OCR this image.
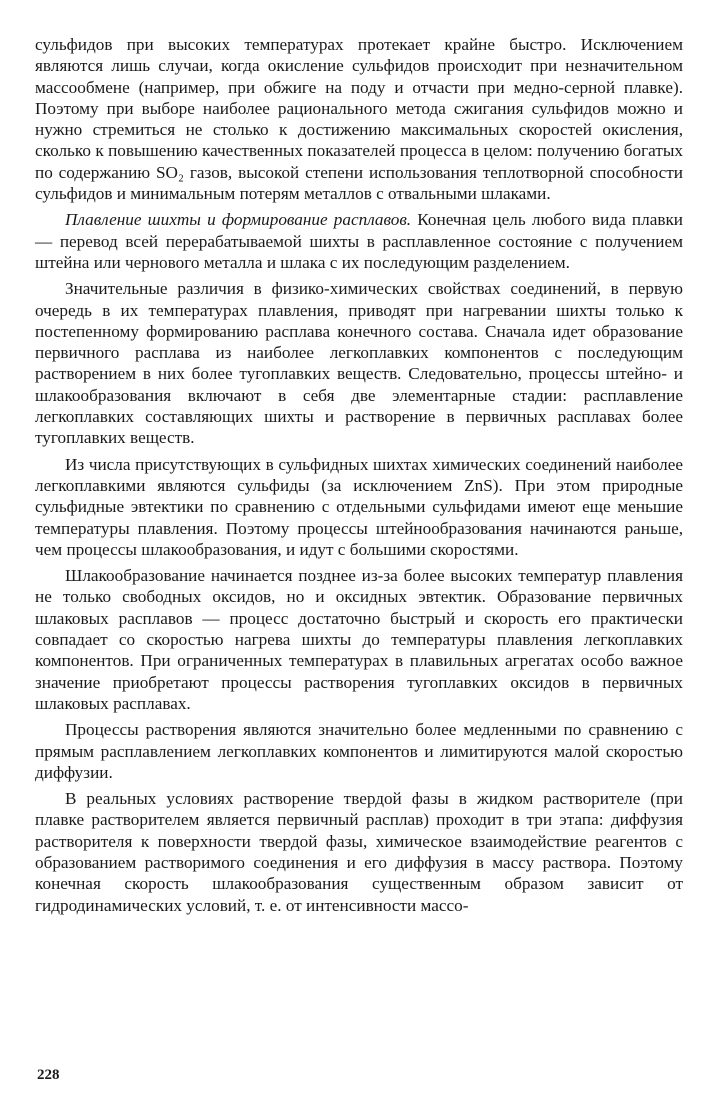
сульфидов при высоких температурах протекает крайне быстро. Исключением являются лишь случаи, когда окисление сульфидов происходит при незначительном массообмене (например, при обжиге на поду и отчасти при медно-серной плавке). Поэтому при выборе наиболее рационального метода сжигания сульфидов можно и нужно стремиться не столько к достижению максимальных скоростей окисления, сколько к повышению качественных показателей процесса в целом: получению богатых по содержанию SO₂ газов, высокой степени использования теплотворной способности сульфидов и минимальным потерям металлов с отвальными шлаками.

Плавление шихты и формирование расплавов. Конечная цель любого вида плавки — перевод всей перерабатываемой шихты в расплавленное состояние с получением штейна или чернового металла и шлака с их последующим разделением.

Значительные различия в физико-химических свойствах соединений, в первую очередь в их температурах плавления, приводят при нагревании шихты только к постепенному формированию расплава конечного состава. Сначала идет образование первичного расплава из наиболее легкоплавких компонентов с последующим растворением в них более тугоплавких веществ. Следовательно, процессы штейно- и шлакообразования включают в себя две элементарные стадии: расплавление легкоплавких составляющих шихты и растворение в первичных расплавах более тугоплавких веществ.

Из числа присутствующих в сульфидных шихтах химических соединений наиболее легкоплавкими являются сульфиды (за исключением ZnS). При этом природные сульфидные эвтектики по сравнению с отдельными сульфидами имеют еще меньшие температуры плавления. Поэтому процессы штейнообразования начинаются раньше, чем процессы шлакообразования, и идут с большими скоростями.

Шлакообразование начинается позднее из-за более высоких температур плавления не только свободных оксидов, но и оксидных эвтектик. Образование первичных шлаковых расплавов — процесс достаточно быстрый и скорость его практически совпадает со скоростью нагрева шихты до температуры плавления легкоплавких компонентов. При ограниченных температурах в плавильных агрегатах особо важное значение приобретают процессы растворения тугоплавких оксидов в первичных шлаковых расплавах.

Процессы растворения являются значительно более медленными по сравнению с прямым расплавлением легкоплавких компонентов и лимитируются малой скоростью диффузии.

В реальных условиях растворение твердой фазы в жидком растворителе (при плавке растворителем является первичный расплав) проходит в три этапа: диффузия растворителя к поверхности твердой фазы, химическое взаимодействие реагентов с образованием растворимого соединения и его диффузия в массу раствора. Поэтому конечная скорость шлакообразования существенным образом зависит от гидродинамических условий, т. е. от интенсивности массо-

228
